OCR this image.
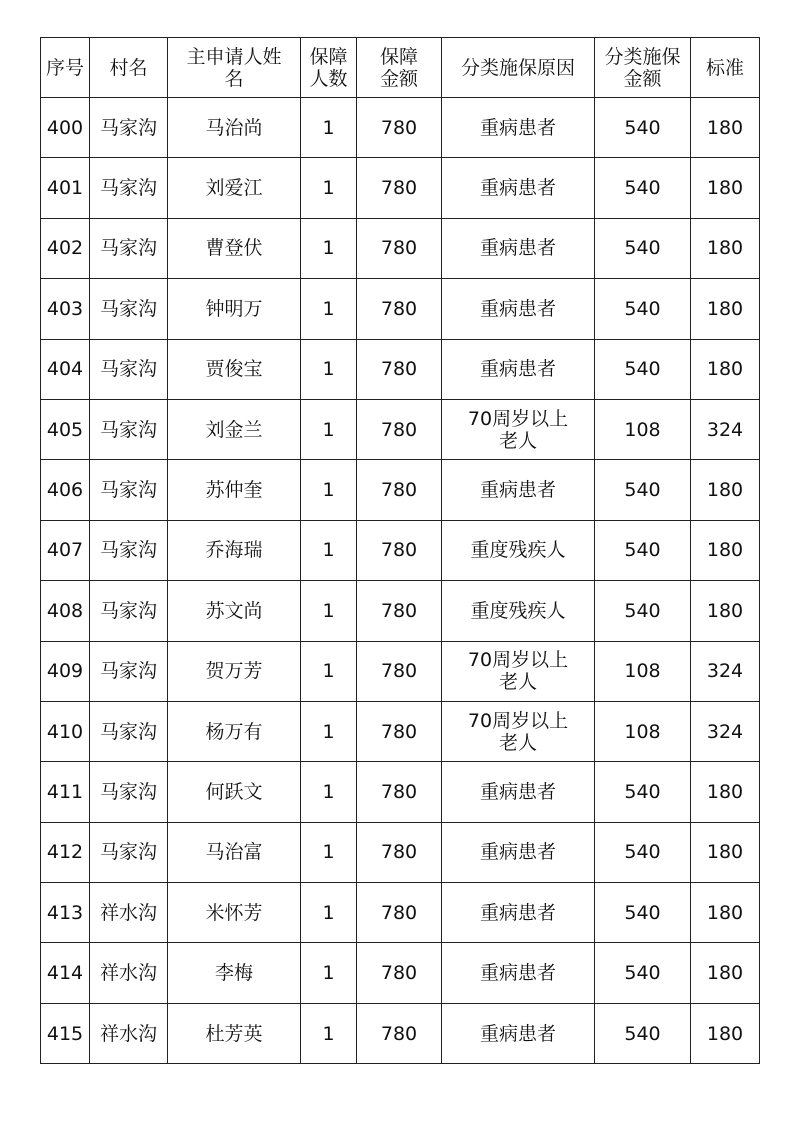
序号	村名	主申请人姓名	保障人数	保障金额	分类施保原因	分类施保金额	标准
400	马家沟	马治尚	1	780	重病患者	540	180
401	马家沟	刘爱江	1	780	重病患者	540	180
402	马家沟	曹登伏	1	780	重病患者	540	180
403	马家沟	钟明万	1	780	重病患者	540	180
404	马家沟	贾俊宝	1	780	重病患者	540	180
405	马家沟	刘金兰	1	780	70周岁以上老人	108	324
406	马家沟	苏仲奎	1	780	重病患者	540	180
407	马家沟	乔海瑞	1	780	重度残疾人	540	180
408	马家沟	苏文尚	1	780	重度残疾人	540	180
409	马家沟	贺万芳	1	780	70周岁以上老人	108	324
410	马家沟	杨万有	1	780	70周岁以上老人	108	324
411	马家沟	何跃文	1	780	重病患者	540	180
412	马家沟	马治富	1	780	重病患者	540	180
413	祥水沟	米怀芳	1	780	重病患者	540	180
414	祥水沟	李梅	1	780	重病患者	540	180
415	祥水沟	杜芳英	1	780	重病患者	540	180
